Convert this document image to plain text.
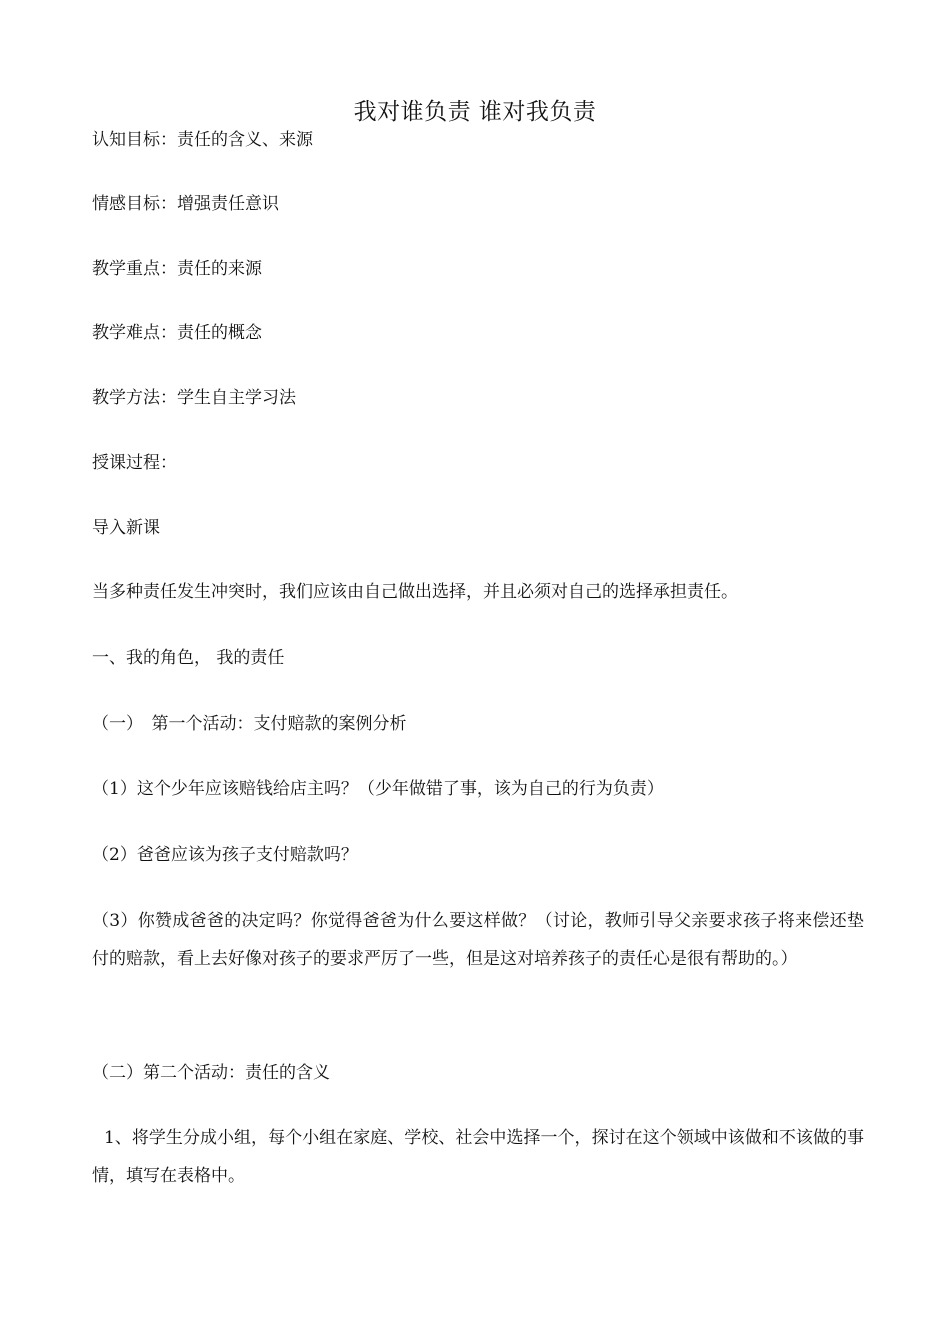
我对谁负责 谁对我负责
认知目标：责任的含义、来源
情感目标：增强责任意识
教学重点：责任的来源
教学难点：责任的概念
教学方法：学生自主学习法
授课过程：
导入新课
当多种责任发生冲突时，我们应该由自己做出选择，并且必须对自己的选择承担责任。
一、我的角色， 我的责任
（一）　第一个活动：支付赔款的案例分析
（1）这个少年应该赔钱给店主吗？（少年做错了事，该为自己的行为负责）
（2）爸爸应该为孩子支付赔款吗？
（3）你赞成爸爸的决定吗？你觉得爸爸为什么要这样做？（讨论，教师引导父亲要求孩子将来偿还垫付的赔款，看上去好像对孩子的要求严厉了一些，但是这对培养孩子的责任心是很有帮助的。）
（二）第二个活动：责任的含义
1、将学生分成小组，每个小组在家庭、学校、社会中选择一个，探讨在这个领域中该做和不该做的事情，填写在表格中。
